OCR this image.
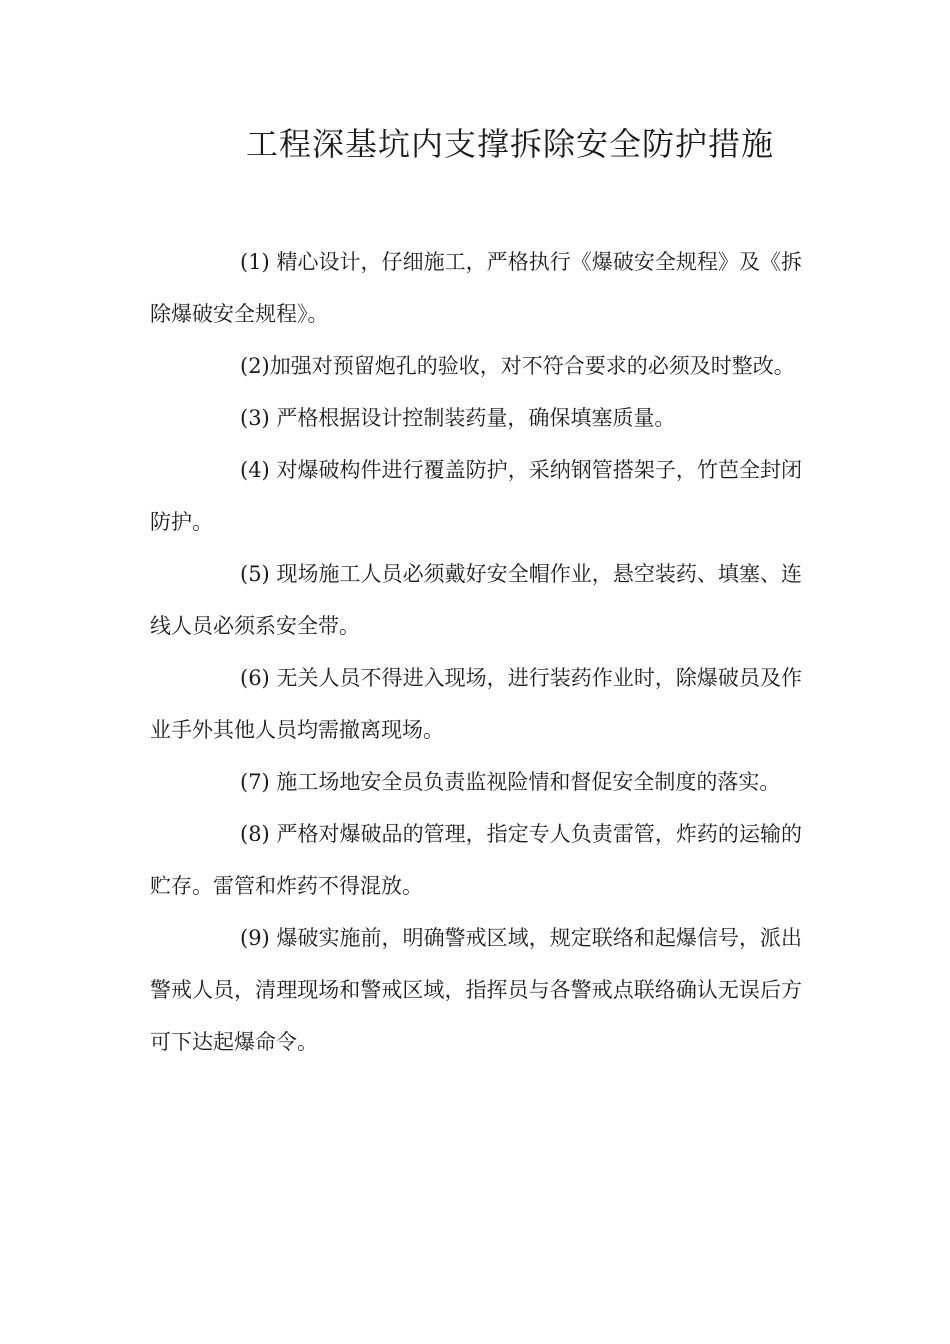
工程深基坑内支撑拆除安全防护措施

(1) 精心设计，仔细施工，严格执行《爆破安全规程》及《拆除爆破安全规程》。

(2)加强对预留炮孔的验收，对不符合要求的必须及时整改。

(3) 严格根据设计控制装药量，确保填塞质量。

(4) 对爆破构件进行覆盖防护，采纳钢管搭架子，竹芭全封闭防护。

(5) 现场施工人员必须戴好安全帽作业，悬空装药、填塞、连线人员必须系安全带。

(6) 无关人员不得进入现场，进行装药作业时，除爆破员及作业手外其他人员均需撤离现场。

(7) 施工场地安全员负责监视险情和督促安全制度的落实。

(8) 严格对爆破品的管理，指定专人负责雷管，炸药的运输的贮存。雷管和炸药不得混放。

(9) 爆破实施前，明确警戒区域，规定联络和起爆信号，派出警戒人员，清理现场和警戒区域，指挥员与各警戒点联络确认无误后方可下达起爆命令。
